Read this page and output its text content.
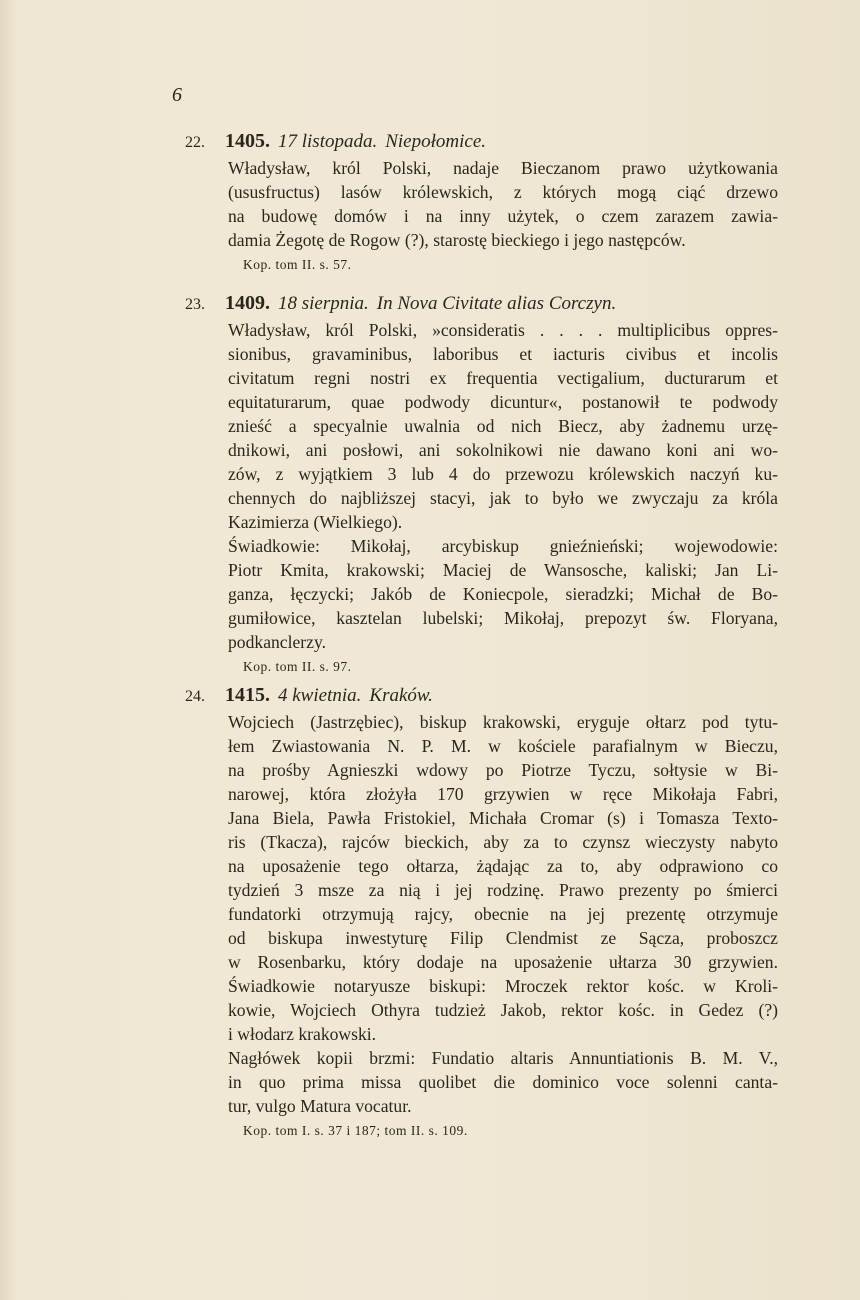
6
22.	1405. 17 listopada. Niepołomice.
Władysław, król Polski, nadaje Bieczanom prawo użytkowania
(ususfructus) lasów królewskich, z których mogą ciąć drzewo
na budowę domów i na inny użytek, o czem zarazem zawia-
damia Żegotę de Rogow (?), starostę bieckiego i jego następców.
Kop. tom II. s. 57.
23.	1409. 18 sierpnia. In Nova Civitate alias Corczyn.
Władysław, król Polski, »consideratis . . . . multiplicibus oppres-
sionibus, gravaminibus, laboribus et iacturis civibus et incolis
civitatum regni nostri ex frequentia vectigalium, ducturarum et
equitaturarum, quae podwody dicuntur«, postanowił te podwody
znieść a specyalnie uwalnia od nich Biecz, aby żadnemu urzę-
dnikowi, ani posłowi, ani sokolnikowi nie dawano koni ani wo-
zów, z wyjątkiem 3 lub 4 do przewozu królewskich naczyń ku-
chennych do najbliższej stacyi, jak to było we zwyczaju za króla
Kazimierza (Wielkiego).
Świadkowie: Mikołaj, arcybiskup gnieźnieński; wojewodowie:
Piotr Kmita, krakowski; Maciej de Wansosche, kaliski; Jan Li-
ganza, łęczycki; Jakób de Koniecpole, sieradzki; Michał de Bo-
gumiłowice, kasztelan lubelski; Mikołaj, prepozyt św. Floryana,
podkanclerzy.
Kop. tom II. s. 97.
24.	1415. 4 kwietnia. Kraków.
Wojciech (Jastrzębiec), biskup krakowski, eryguje ołtarz pod tytu-
łem Zwiastowania N. P. M. w kościele parafialnym w Bieczu,
na prośby Agnieszki wdowy po Piotrze Tyczu, sołtysie w Bi-
narowej, która złożyła 170 grzywien w ręce Mikołaja Fabri,
Jana Biela, Pawła Fristokiel, Michała Cromar (s) i Tomasza Texto-
ris (Tkacza), rajców bieckich, aby za to czynsz wieczysty nabyto
na uposażenie tego ołtarza, żądając za to, aby odprawiono co
tydzień 3 msze za nią i jej rodzinę. Prawo prezenty po śmierci
fundatorki otrzymują rajcy, obecnie na jej prezentę otrzymuje
od biskupa inwestyturę Filip Clendmist ze Sącza, proboszcz
w Rosenbarku, który dodaje na uposażenie ułtarza 30 grzywien.
Świadkowie notaryusze biskupi: Mroczek rektor kośc. w Kroli-
kowie, Wojciech Othyra tudzież Jakob, rektor kośc. in Gedez (?)
i włodarz krakowski.
Nagłówek kopii brzmi: Fundatio altaris Annuntiationis B. M. V.,
in quo prima missa quolibet die dominico voce solenni canta-
tur, vulgo Matura vocatur.
Kop. tom I. s. 37 i 187; tom II. s. 109.
